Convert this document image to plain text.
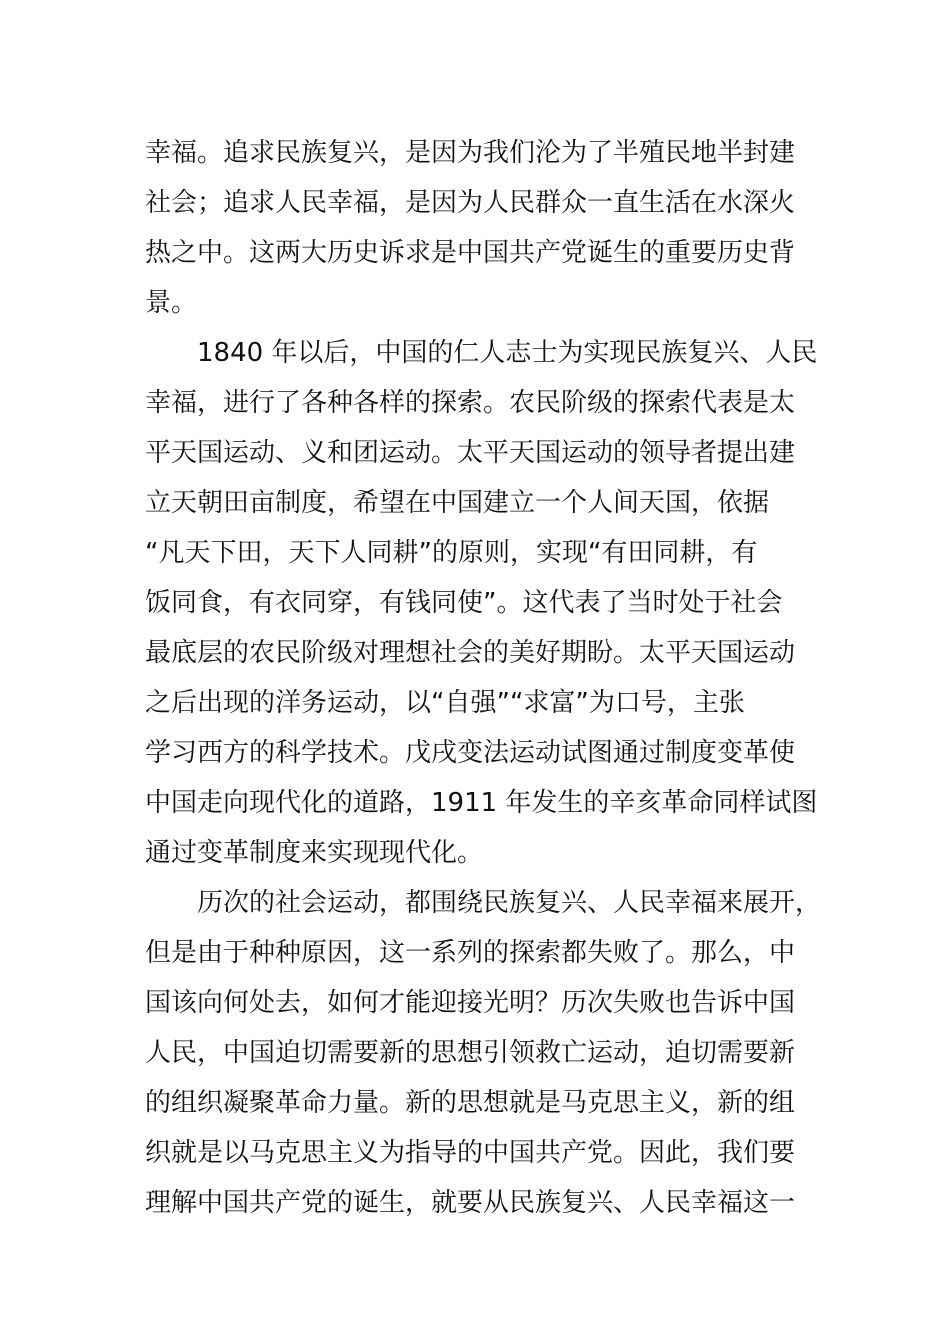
幸福。追求民族复兴，是因为我们沦为了半殖民地半封建
社会；追求人民幸福，是因为人民群众一直生活在水深火
热之中。这两大历史诉求是中国共产党诞生的重要历史背
景。
1840 年以后，中国的仁人志士为实现民族复兴、人民
幸福，进行了各种各样的探索。农民阶级的探索代表是太
平天国运动、义和团运动。太平天国运动的领导者提出建
立天朝田亩制度，希望在中国建立一个人间天国，依据
“凡天下田，天下人同耕”的原则，实现“有田同耕，有
饭同食，有衣同穿，有钱同使”。这代表了当时处于社会
最底层的农民阶级对理想社会的美好期盼。太平天国运动
之后出现的洋务运动，以“自强”“求富”为口号，主张
学习西方的科学技术。戊戌变法运动试图通过制度变革使
中国走向现代化的道路，1911 年发生的辛亥革命同样试图
通过变革制度来实现现代化。
历次的社会运动，都围绕民族复兴、人民幸福来展开，
但是由于种种原因，这一系列的探索都失败了。那么，中
国该向何处去，如何才能迎接光明？历次失败也告诉中国
人民，中国迫切需要新的思想引领救亡运动，迫切需要新
的组织凝聚革命力量。新的思想就是马克思主义，新的组
织就是以马克思主义为指导的中国共产党。因此，我们要
理解中国共产党的诞生，就要从民族复兴、人民幸福这一
